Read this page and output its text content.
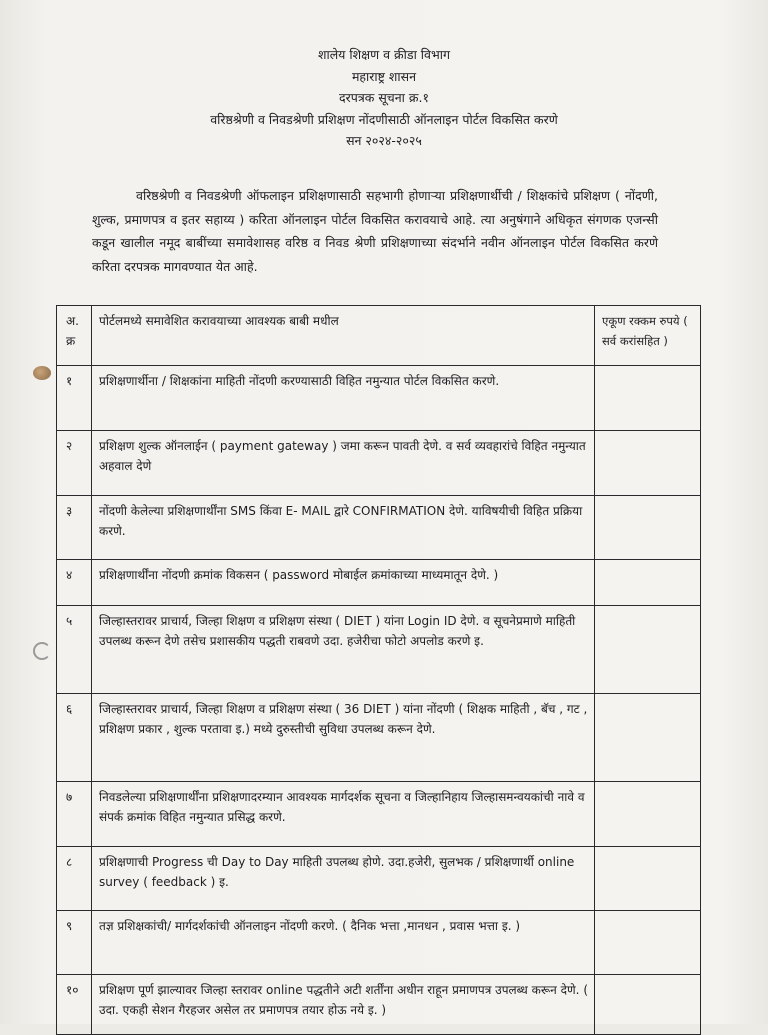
शालेय शिक्षण व क्रीडा विभाग
महाराष्ट्र शासन
दरपत्रक सूचना क्र.१
वरिष्ठश्रेणी व निवडश्रेणी प्रशिक्षण नोंदणीसाठी ऑनलाइन पोर्टल विकसित करणे
सन २०२४-२०२५
वरिष्ठश्रेणी व निवडश्रेणी ऑफलाइन प्रशिक्षणासाठी सहभागी होणाऱ्या प्रशिक्षणार्थीची / शिक्षकांचे प्रशिक्षण ( नोंदणी, शुल्क, प्रमाणपत्र व इतर सहाय्य ) करिता ऑनलाइन पोर्टल विकसित करावयाचे आहे. त्या अनुषंगाने अधिकृत संगणक एजन्सी कडून खालील नमूद बाबींच्या समावेशासह वरिष्ठ व निवड श्रेणी प्रशिक्षणाच्या संदर्भाने नवीन ऑनलाइन पोर्टल विकसित करणे करिता दरपत्रक मागवण्यात येत आहे.
अ. क्र	पोर्टलमध्ये समावेशित करावयाच्या आवश्यक बाबी मधील	एकूण रक्कम रुपये ( सर्व करांसहित )
१	प्रशिक्षणार्थीना / शिक्षकांना माहिती नोंदणी करण्यासाठी विहित नमुन्यात पोर्टल विकसित करणे.	
२	प्रशिक्षण शुल्क ऑनलाईन ( payment gateway ) जमा करून पावती देणे. व सर्व व्यवहारांचे विहित नमुन्यात अहवाल देणे	
३	नोंदणी केलेल्या प्रशिक्षणार्थींना SMS किंवा E- MAIL द्वारे CONFIRMATION देणे. याविषयीची विहित प्रक्रिया करणे.	
४	प्रशिक्षणार्थींना नोंदणी क्रमांक विकसन ( password मोबाईल क्रमांकाच्या माध्यमातून देणे. )	
५	जिल्हास्तरावर प्राचार्य, जिल्हा शिक्षण व प्रशिक्षण संस्था ( DIET ) यांना Login ID देणे. व सूचनेप्रमाणे माहिती उपलब्ध करून देणे तसेच प्रशासकीय पद्धती राबवणे उदा. हजेरीचा फोटो अपलोड करणे इ.	
६	जिल्हास्तरावर प्राचार्य, जिल्हा शिक्षण व प्रशिक्षण संस्था ( 36 DIET ) यांना नोंदणी ( शिक्षक माहिती , बॅच , गट , प्रशिक्षण प्रकार , शुल्क परतावा इ.) मध्ये दुरुस्तीची सुविधा उपलब्ध करून देणे.	
७	निवडलेल्या प्रशिक्षणार्थींना प्रशिक्षणादरम्यान आवश्यक मार्गदर्शक सूचना व जिल्हानिहाय जिल्हासमन्वयकांची नावे व संपर्क क्रमांक विहित नमुन्यात प्रसिद्ध करणे.	
८	प्रशिक्षणाची Progress ची Day to Day माहिती उपलब्ध होणे. उदा.हजेरी, सुलभक / प्रशिक्षणार्थी online survey ( feedback ) इ.	
९	तज्ञ प्रशिक्षकांची/ मार्गदर्शकांची ऑनलाइन नोंदणी करणे. ( दैनिक भत्ता ,मानधन , प्रवास भत्ता इ. )	
१०	प्रशिक्षण पूर्ण झाल्यावर जिल्हा स्तरावर online पद्धतीने अटी शर्तींना अधीन राहून प्रमाणपत्र उपलब्ध करून देणे. ( उदा. एकही सेशन गैरहजर असेल तर प्रमाणपत्र तयार होऊ नये इ. )	
